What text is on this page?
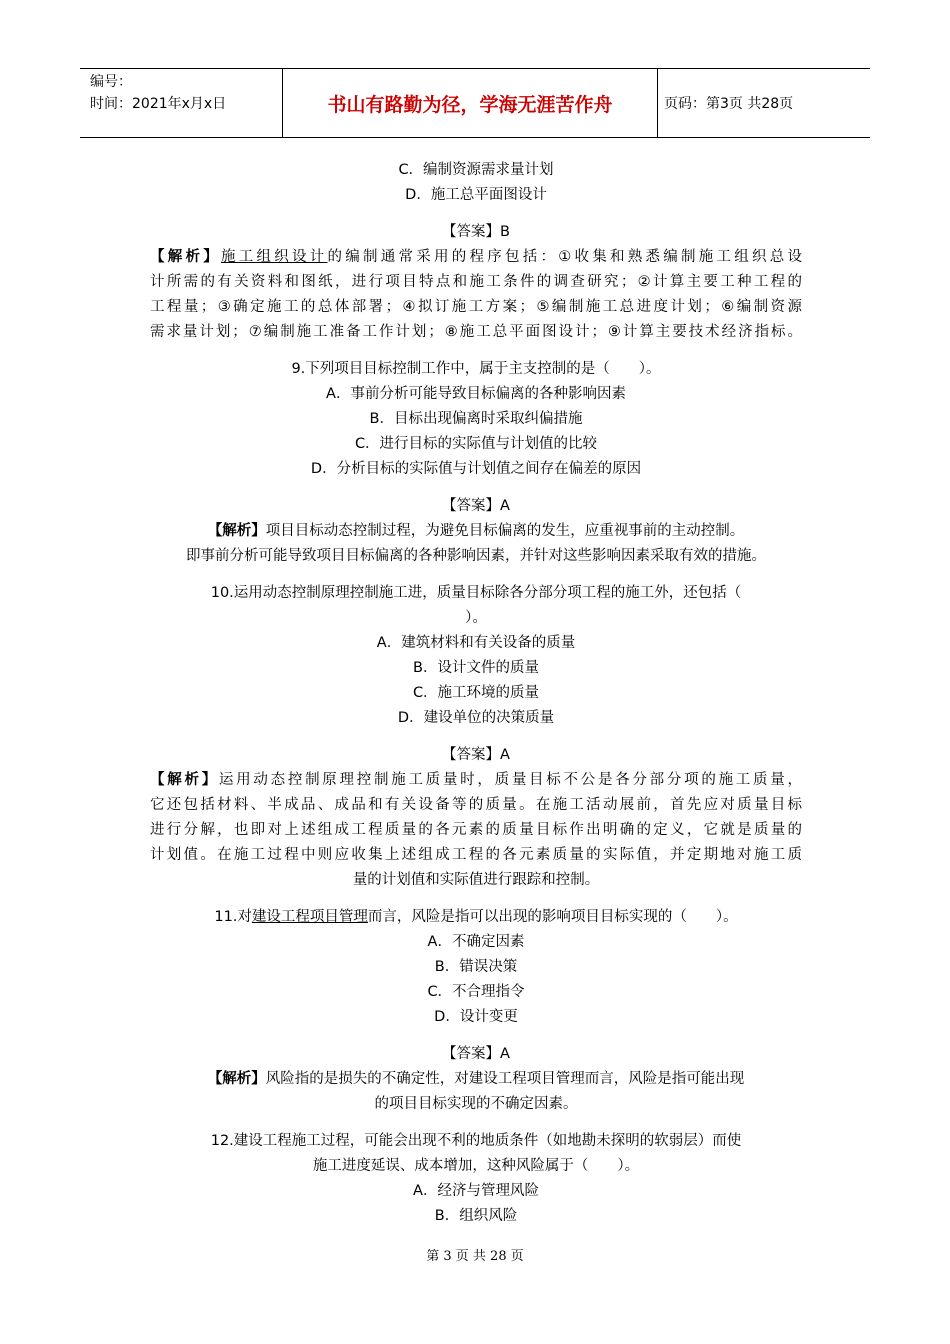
编号：
时间：2021年x月x日	书山有路勤为径，学海无涯苦作舟	页码：第3页 共28页
C．编制资源需求量计划
D．施工总平面图设计
【答案】B
【解析】施工组织设计的编制通常采用的程序包括：①收集和熟悉编制施工组织总设
计所需的有关资料和图纸，进行项目特点和施工条件的调查研究；②计算主要工种工程的
工程量；③确定施工的总体部署；④拟订施工方案；⑤编制施工总进度计划；⑥编制资源
需求量计划；⑦编制施工准备工作计划；⑧施工总平面图设计；⑨计算主要技术经济指标。
9.下列项目目标控制工作中，属于主支控制的是（　　）。
A．事前分析可能导致目标偏离的各种影响因素
B．目标出现偏离时采取纠偏措施
C．进行目标的实际值与计划值的比较
D．分析目标的实际值与计划值之间存在偏差的原因
【答案】A
【解析】项目目标动态控制过程，为避免目标偏离的发生，应重视事前的主动控制。
即事前分析可能导致项目目标偏离的各种影响因素，并针对这些影响因素采取有效的措施。
10.运用动态控制原理控制施工进，质量目标除各分部分项工程的施工外，还包括（
）。
A．建筑材料和有关设备的质量
B．设计文件的质量
C．施工环境的质量
D．建设单位的决策质量
【答案】A
【解析】运用动态控制原理控制施工质量时，质量目标不公是各分部分项的施工质量，
它还包括材料、半成品、成品和有关设备等的质量。在施工活动展前，首先应对质量目标
进行分解，也即对上述组成工程质量的各元素的质量目标作出明确的定义，它就是质量的
计划值。在施工过程中则应收集上述组成工程的各元素质量的实际值，并定期地对施工质
量的计划值和实际值进行跟踪和控制。
11.对建设工程项目管理而言，风险是指可以出现的影响项目目标实现的（　　）。
A．不确定因素
B．错误决策
C．不合理指令
D．设计变更
【答案】A
【解析】风险指的是损失的不确定性，对建设工程项目管理而言，风险是指可能出现
的项目目标实现的不确定因素。
12.建设工程施工过程，可能会出现不利的地质条件（如地勘未探明的软弱层）而使
施工进度延误、成本增加，这种风险属于（　　）。
A．经济与管理风险
B．组织风险
第 3 页 共 28 页
